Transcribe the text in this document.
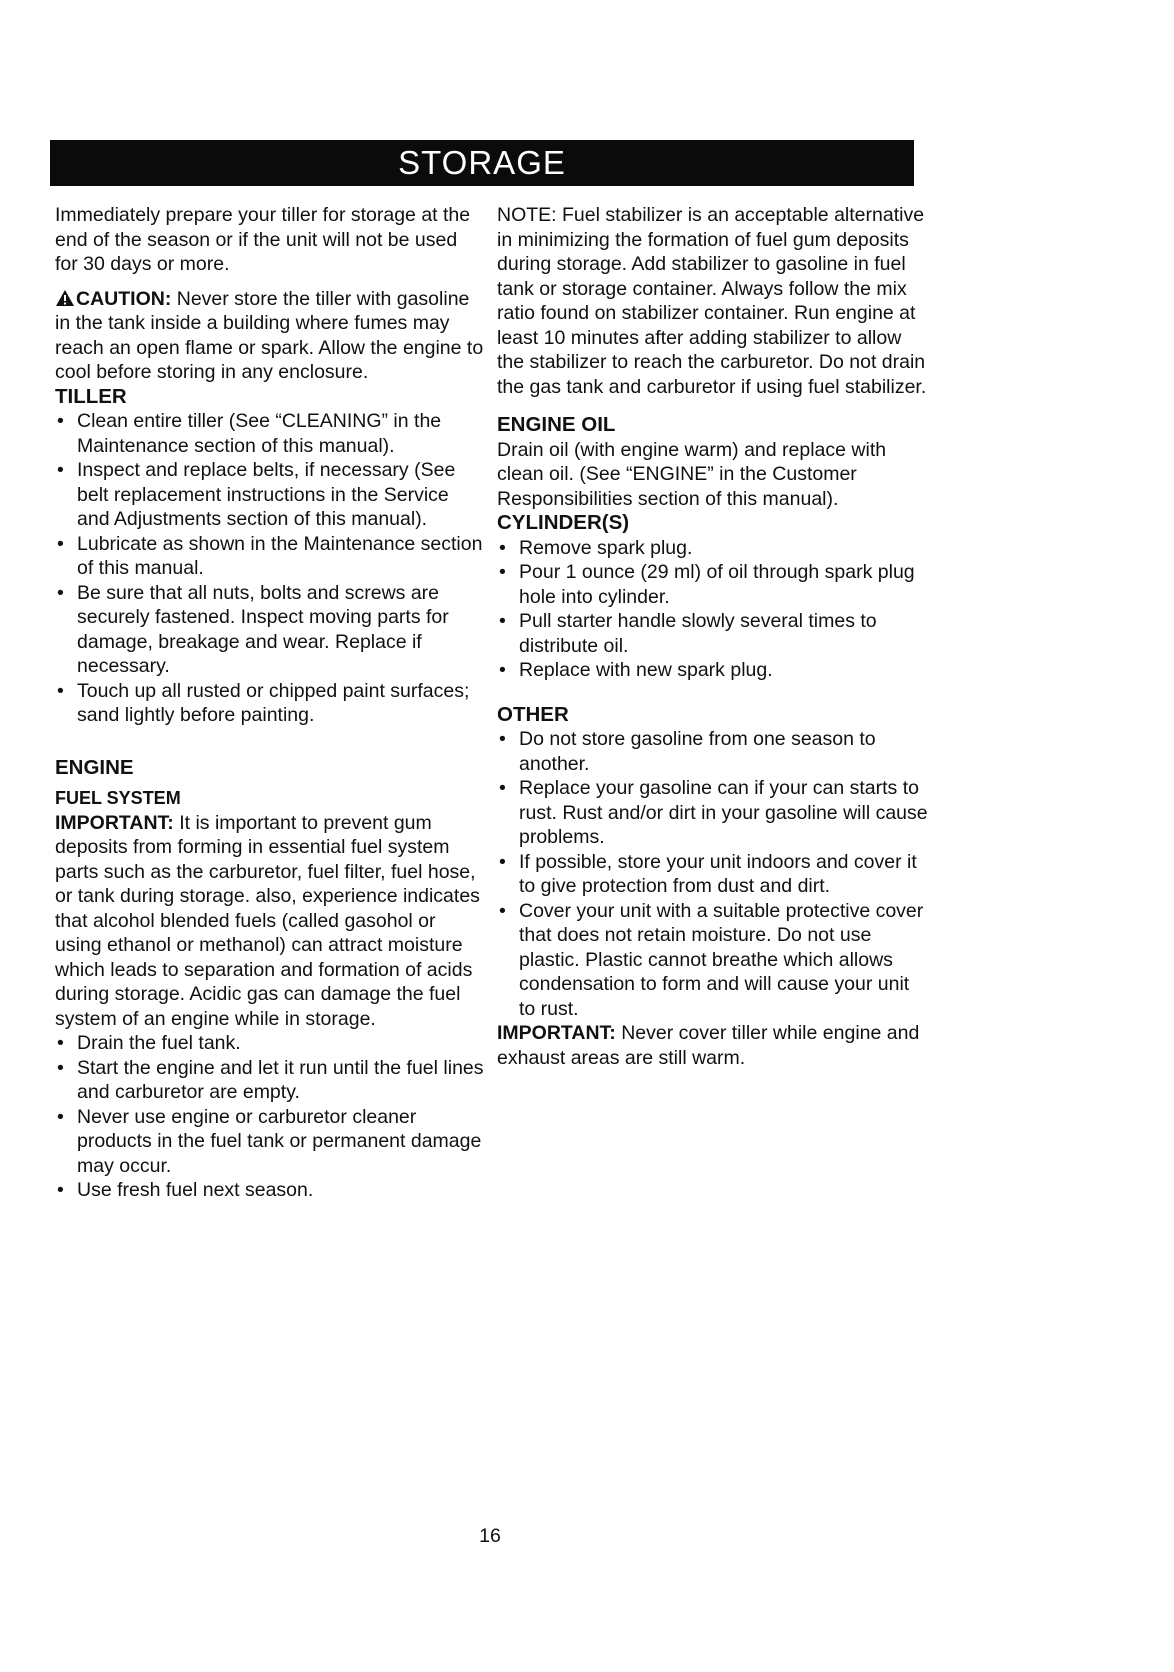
STORAGE

Immediately prepare your tiller for storage at the end of the season or if the unit will not be used for 30 days or more.

CAUTION: Never store the tiller with gasoline in the tank inside a building where fumes may reach an open flame or spark. Allow the engine to cool before storing in any enclosure.

TILLER

• Clean entire tiller (See “CLEANING” in the Maintenance section of this manual).
• Inspect and replace belts, if necessary (See belt replacement instructions in the Service and Adjustments section of this manual).
• Lubricate as shown in the Maintenance section of this manual.
• Be sure that all nuts, bolts and screws are securely fastened. Inspect moving parts for damage, breakage and wear. Replace if necessary.
• Touch up all rusted or chipped paint surfaces; sand lightly before painting.

ENGINE

FUEL SYSTEM

IMPORTANT: It is important to prevent gum deposits from forming in essential fuel system parts such as the carburetor, fuel filter, fuel hose, or tank during storage. also, experience indicates that alcohol blended fuels (called gasohol or using ethanol or methanol) can attract moisture which leads to separation and formation of acids during storage. Acidic gas can damage the fuel system of an engine while in storage.

• Drain the fuel tank.
• Start the engine and let it run until the fuel lines and carburetor are empty.
• Never use engine or carburetor cleaner products in the fuel tank or permanent damage may occur.
• Use fresh fuel next season.

NOTE: Fuel stabilizer is an acceptable alternative in minimizing the formation of fuel gum deposits during storage. Add stabilizer to gasoline in fuel tank or storage container. Always follow the mix ratio found on stabilizer container. Run engine at least 10 minutes after adding stabilizer to allow the stabilizer to reach the carburetor. Do not drain the gas tank and carburetor if using fuel stabilizer.

ENGINE OIL

Drain oil (with engine warm) and replace with clean oil. (See “ENGINE” in the Customer Responsibilities section of this manual).

CYLINDER(S)

• Remove spark plug.
• Pour 1 ounce (29 ml) of oil through spark plug hole into cylinder.
• Pull starter handle slowly several times to distribute oil.
• Replace with new spark plug.

OTHER

• Do not store gasoline from one season to another.
• Replace your gasoline can if your can starts to rust. Rust and/or dirt in your gasoline will cause problems.
• If possible, store your unit indoors and cover it to give protection from dust and dirt.
• Cover your unit with a suitable protective cover that does not retain moisture. Do not use plastic. Plastic cannot breathe which allows condensation to form and will cause your unit to rust.

IMPORTANT: Never cover tiller while engine and exhaust areas are still warm.

16
